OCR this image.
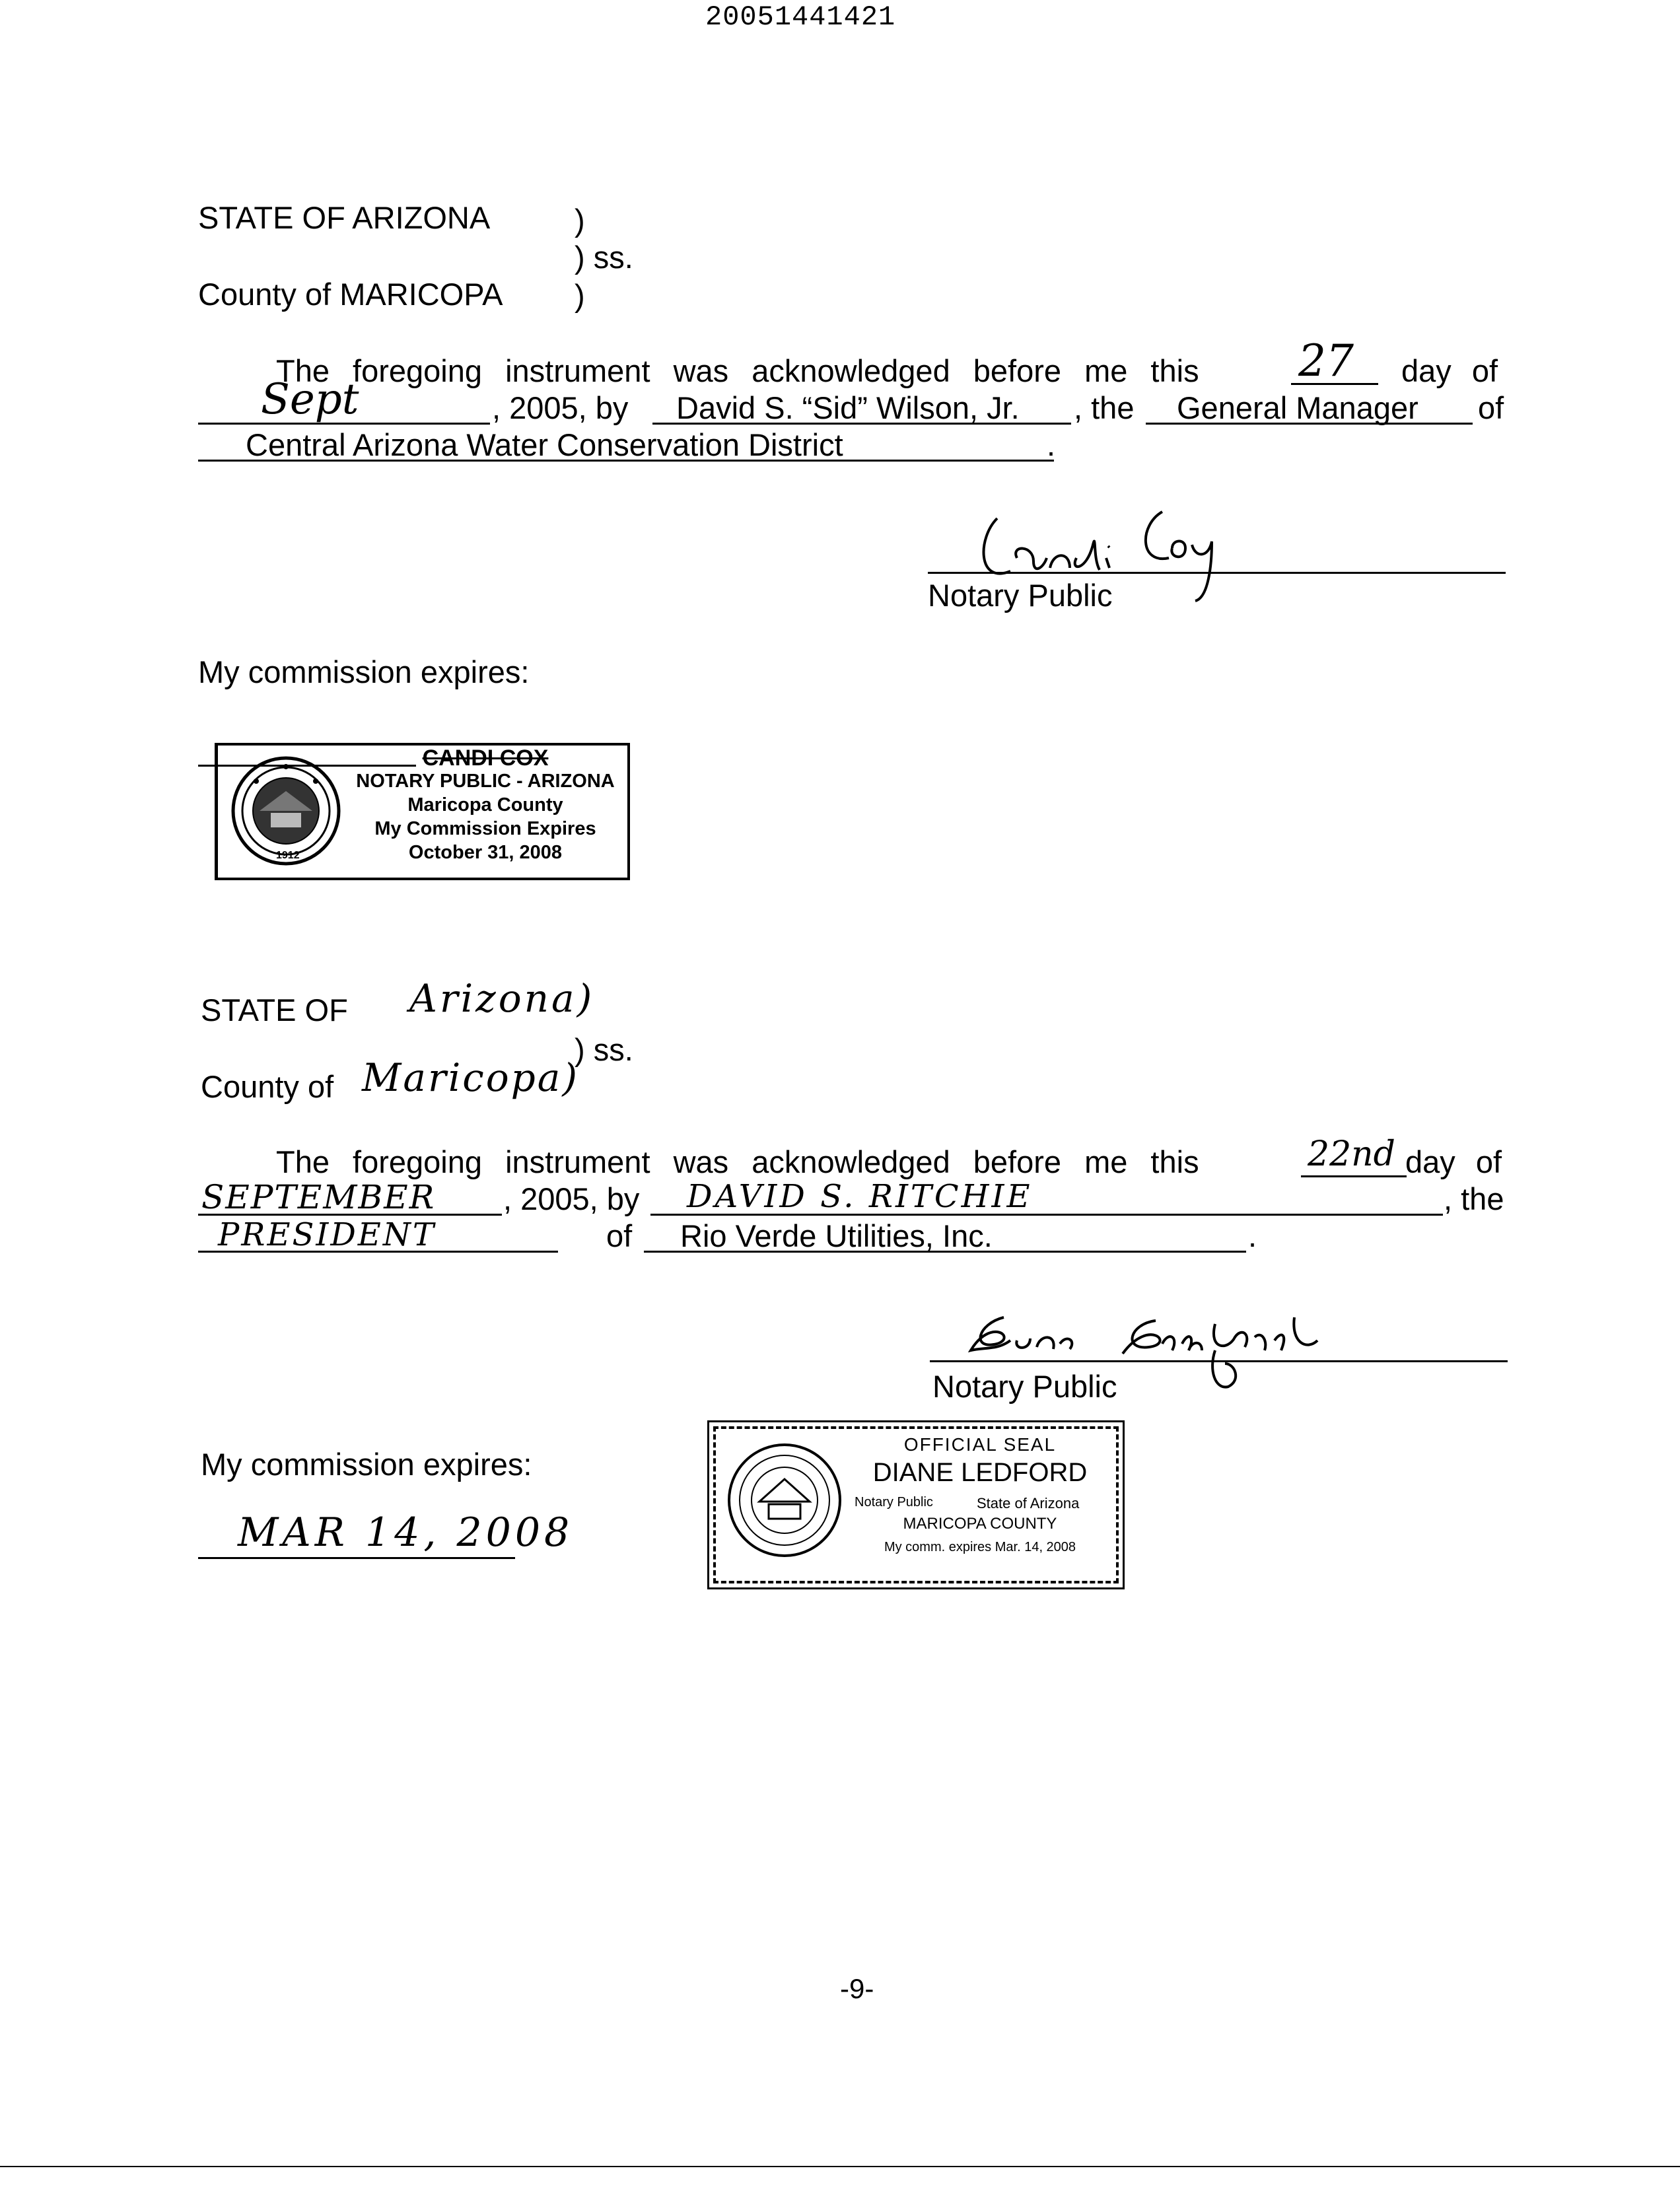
20051441421
STATE OF ARIZONA	)
) ss.
County of MARICOPA )
The foregoing instrument was acknowledged before me this 27 day of
Sept	, 2005, by David S. “Sid” Wilson, Jr. , the General Manager of
Central Arizona Water Conservation District	.
Notary Public
My commission expires:
1912
CANDI COX
NOTARY PUBLIC - ARIZONA
Maricopa County
My Commission Expires
October 31, 2008
STATE OF Arizona)
) ss.
County of Maricopa)
The foregoing instrument was acknowledged before me this	22nd day of
SEPTEMBER , 2005, by DAVID S. RITCHIE	, the
PRESIDENT	of Rio Verde Utilities, Inc.	.
Notary Public
My commission expires:
MAR 14, 2008
OFFICIAL SEAL
DIANE LEDFORD
Notary Public	State of Arizona
MARICOPA COUNTY
My comm. expires Mar. 14, 2008
-9-
